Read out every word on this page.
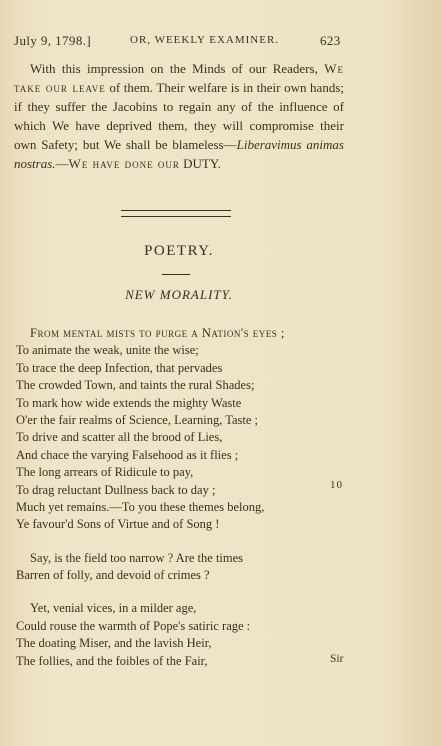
July 9, 1798.]	OR, WEEKLY EXAMINER.	623

With this impression on the Minds of our Readers, We take our leave of them. Their welfare is in their own hands; if they suffer the Jacobins to regain any of the influence of which We have deprived them, they will compromise their own Safety; but We shall be blameless—Liberavimus animas nostras.—We have done our DUTY.

POETRY.
NEW MORALITY.
From mental mists to purge a Nation's eyes ;
To animate the weak, unite the wise;
To trace the deep Infection, that pervades
The crowded Town, and taints the rural Shades;
To mark how wide extends the mighty Waste
O'er the fair realms of Science, Learning, Taste ;
To drive and scatter all the brood of Lies,
And chace the varying Falsehood as it flies ;
The long arrears of Ridicule to pay,
To drag reluctant Dullness back to day ;
Much yet remains.—To you these themes belong,
Ye favour'd Sons of Virtue and of Song !
Say, is the field too narrow ? Are the times
Barren of folly, and devoid of crimes ?
Yet, venial vices, in a milder age,
Could rouse the warmth of Pope's satiric rage :
The doating Miser, and the lavish Heir,
The follies, and the foibles of the Fair,
10
Sir
